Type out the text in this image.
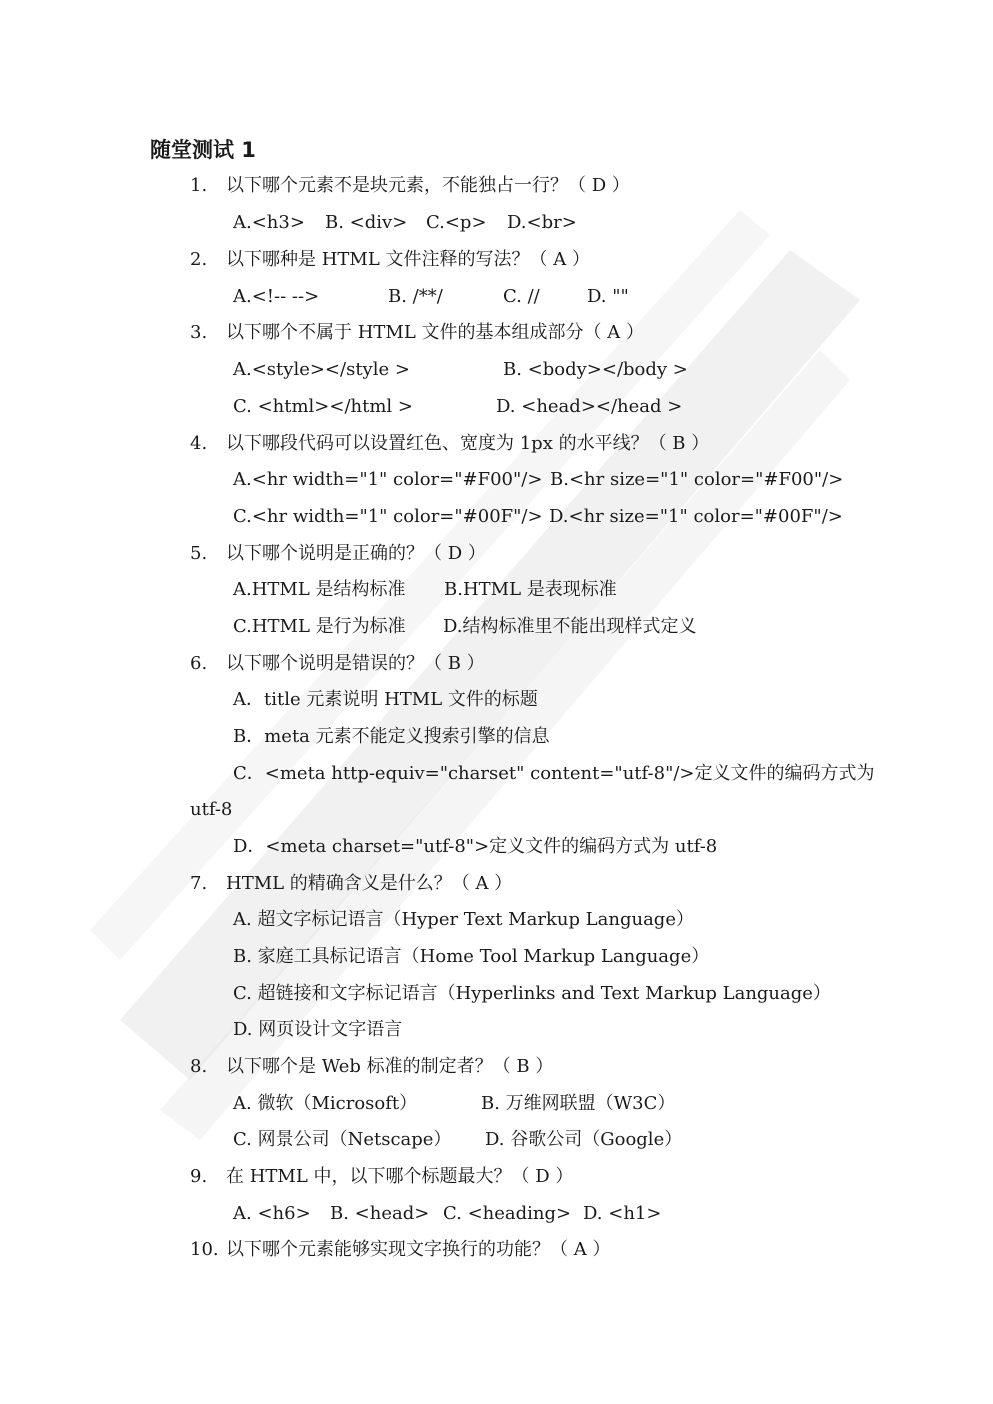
随堂测试 1
1. 以下哪个元素不是块元素，不能独占一行？（ D ）
A.<h3> B. <div> C.<p> D.<br>
2. 以下哪种是 HTML 文件注释的写法？（ A ）
A.<!-- -->	B. /**/	C. //	D. ""
3. 以下哪个不属于 HTML 文件的基本组成部分（ A ）
A.<style></style >	B. <body></body >
C. <html></html >	D. <head></head >
4. 以下哪段代码可以设置红色、宽度为 1px 的水平线？（ B ）
A.<hr width="1" color="#F00"/> B.<hr size="1" color="#F00"/>
C.<hr width="1" color="#00F"/> D.<hr size="1" color="#00F"/>
5. 以下哪个说明是正确的？（ D ）
A.HTML 是结构标准 B.HTML 是表现标准
C.HTML 是行为标准 D.结构标准里不能出现样式定义
6. 以下哪个说明是错误的？（ B ）
A．title 元素说明 HTML 文件的标题
B．meta 元素不能定义搜索引擎的信息
C．<meta http-equiv="charset" content="utf-8"/>定义文件的编码方式为
utf-8
D．<meta charset="utf-8">定义文件的编码方式为 utf-8
7. HTML 的精确含义是什么？（ A ）
A. 超文字标记语言（Hyper Text Markup Language）
B. 家庭工具标记语言（Home Tool Markup Language）
C. 超链接和文字标记语言（Hyperlinks and Text Markup Language）
D. 网页设计文字语言
8. 以下哪个是 Web 标准的制定者？（ B ）
A. 微软（Microsoft）	B. 万维网联盟（W3C）
C. 网景公司（Netscape） D. 谷歌公司（Google）
9. 在 HTML 中，以下哪个标题最大？（ D ）
A. <h6> B. <head> C. <heading> D. <h1>
10. 以下哪个元素能够实现文字换行的功能？（ A ）
